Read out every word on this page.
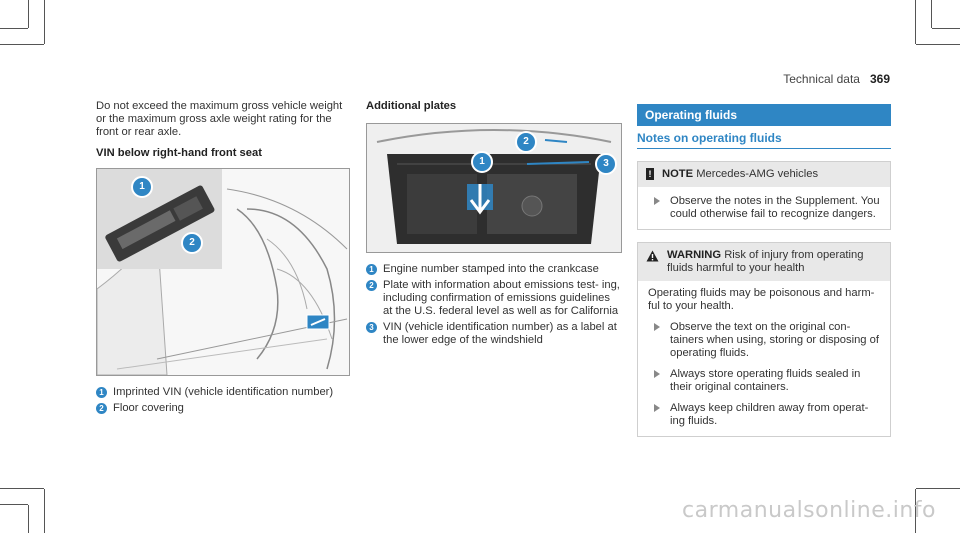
Technical data 369

Do not exceed the maximum gross vehicle weight or the maximum gross axle weight rating for the front or rear axle.

VIN below right-hand front seat

1
2
1 Imprinted VIN (vehicle identification number)
2 Floor covering

Additional plates

1
2
3
1 Engine number stamped into the crankcase
2 Plate with information about emissions test- ing, including confirmation of emissions guidelines at the U.S. federal level as well as for California
3 VIN (vehicle identification number) as a label at the lower edge of the windshield
Operating fluids
Notes on operating fluids
! NOTE Mercedes-AMG vehicles
Observe the notes in the Supplement. You could otherwise fail to recognize dangers.
WARNING Risk of injury from operating fluids harmful to your health

Operating fluids may be poisonous and harm- ful to your health.

Observe the text on the original con- tainers when using, storing or disposing of operating fluids.
Always store operating fluids sealed in their original containers.
Always keep children away from operat- ing fluids.
carmanualsonline.info
